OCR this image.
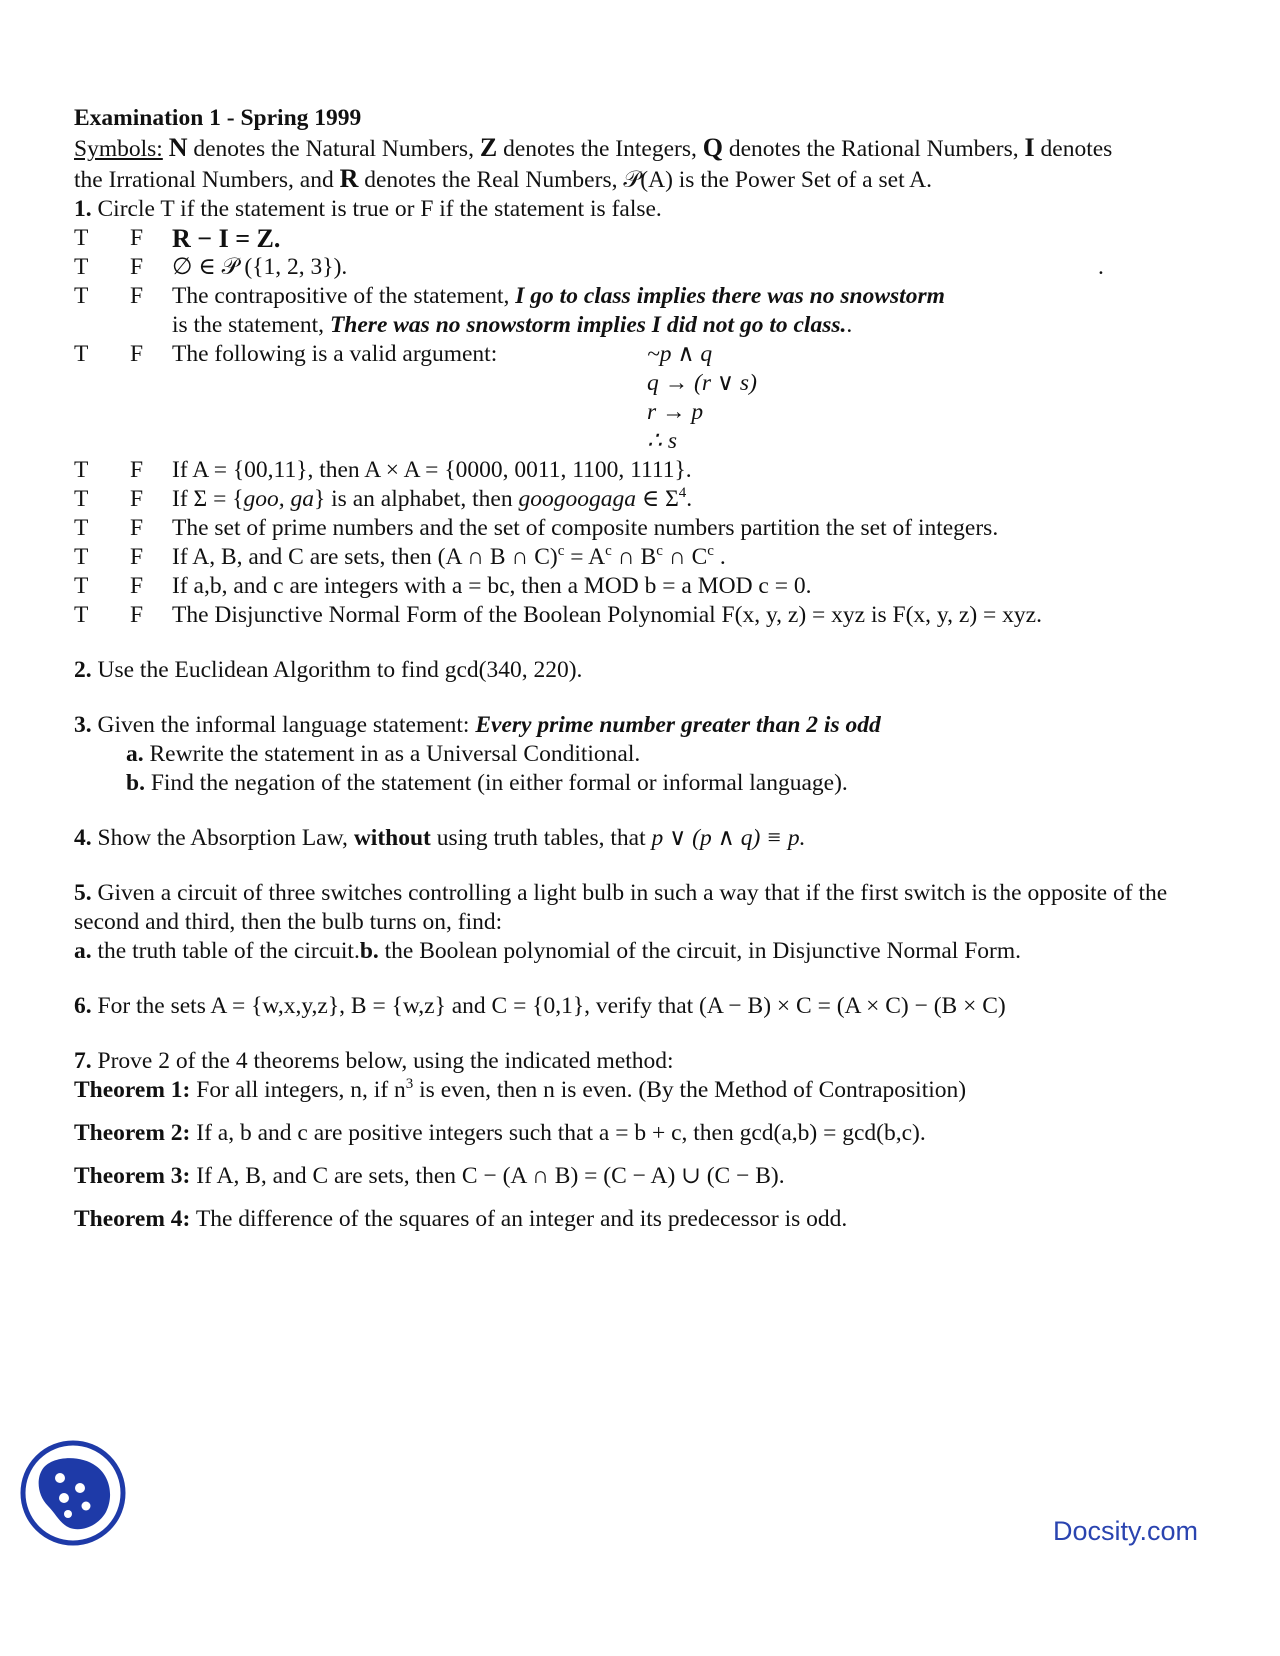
Examination 1 - Spring 1999
Symbols: N denotes the Natural Numbers, Z denotes the Integers, Q denotes the Rational Numbers, I denotes
the Irrational Numbers, and R denotes the Real Numbers, 𝒫(A) is the Power Set of a set A.
1. Circle T if the statement is true or F if the statement is false.
T	F	R − I = Z.
T	F	∅ ∈ 𝒫 ({1, 2, 3}).
T	F	The contrapositive of the statement, I go to class implies there was no snowstorm
is the statement, There was no snowstorm implies I did not go to class..
T	F	The following is a valid argument:	~p ∧ q
q → (r ∨ s)

r → p

∴ s

T	F	If A = {00,11}, then A × A = {0000, 0011, 1100, 1111}.
T	F	If Σ = {goo, ga} is an alphabet, then googoogaga ∈ $\Sigma^4$.
T	F	The set of prime numbers and the set of composite numbers partition the set of integers.
T	F	If A, B, and C are sets, then (A ∩ B ∩ $C)^c = A^c$ ∩ $B^c$ ∩ $C^c$ .
T	F	If a,b, and c are integers with a = bc, then a MOD b = a MOD c = 0.
T	F	The Disjunctive Normal Form of the Boolean Polynomial F(x, y, z) = xyz is F(x, y, z) = xyz.
2. Use the Euclidean Algorithm to find gcd(340, 220).
3. Given the informal language statement: Every prime number greater than 2 is odd
a. Rewrite the statement in as a Universal Conditional.
b. Find the negation of the statement (in either formal or informal language).
4. Show the Absorption Law, without using truth tables, that p ∨ (p ∧ q) ≡ p.
5. Given a circuit of three switches controlling a light bulb in such a way that if the first switch is the opposite of the second and third, then the bulb turns on, find:
a. the truth table of the circuit.b. the Boolean polynomial of the circuit, in Disjunctive Normal Form.
6. For the sets A = {w,x,y,z}, B = {w,z} and C = {0,1}, verify that (A − B) × C = (A × C) − (B × C)
7. Prove 2 of the 4 theorems below, using the indicated method:
Theorem 1: For all integers, n, if $n^3$ is even, then n is even. (By the Method of Contraposition)
Theorem 2: If a, b and c are positive integers such that a = b + c, then gcd(a,b) = gcd(b,c).
Theorem 3: If A, B, and C are sets, then C − (A ∩ B) = (C − A) ∪ (C − B).
Theorem 4: The difference of the squares of an integer and its predecessor is odd.
.
Docsity.com
